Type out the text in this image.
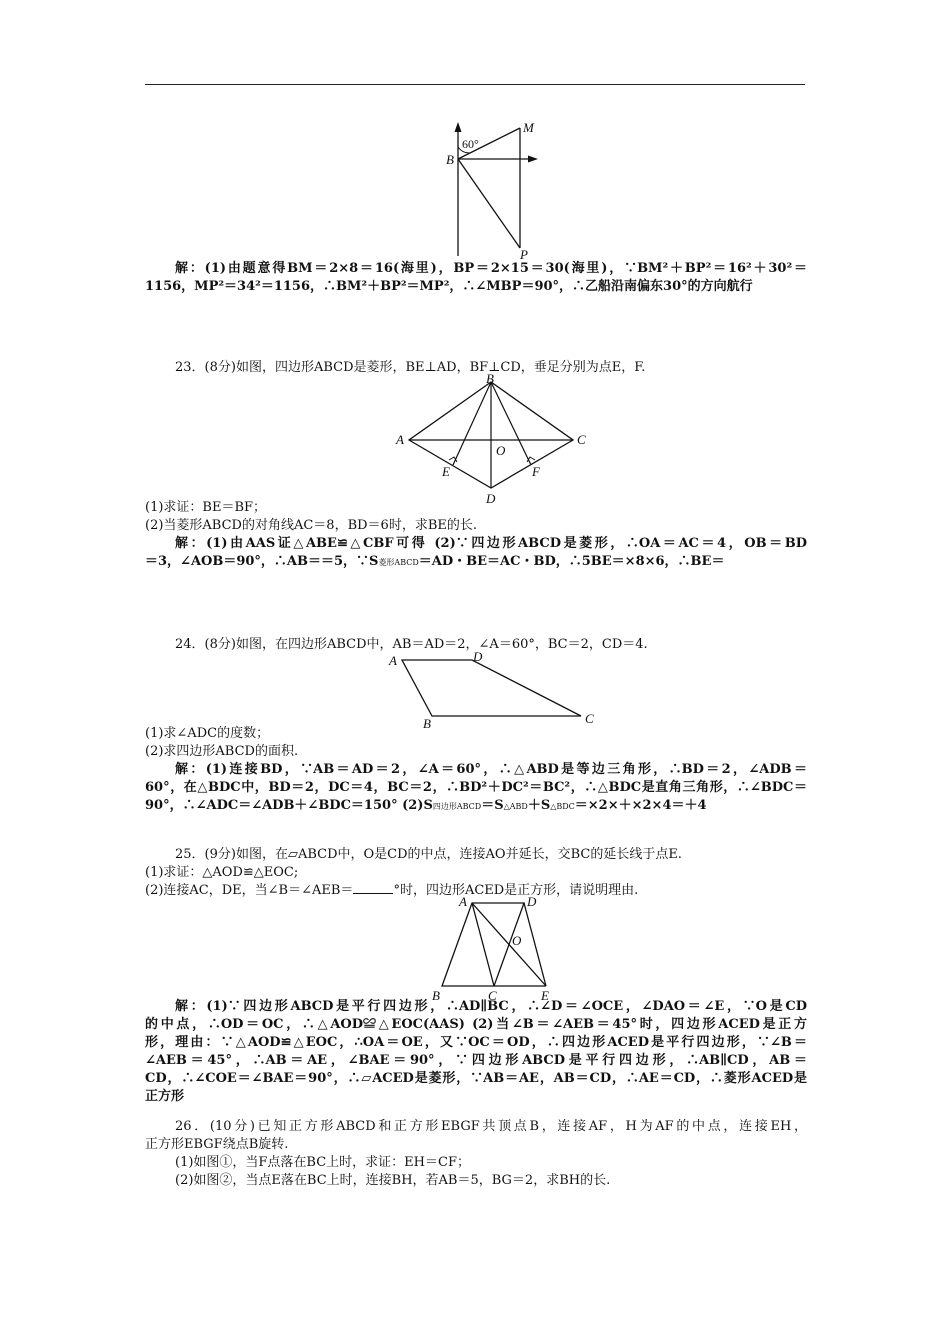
60°
B
M
P
解：(1)由题意得BM＝2×8＝16(海里)，BP＝2×15＝30(海里)，∵BM²＋BP²＝16²＋30²＝
1156，MP²＝34²＝1156，∴BM²＋BP²＝MP²，∴∠MBP＝90°，∴乙船沿南偏东30°的方向航行
23．(8分)如图，四边形ABCD是菱形，BE⊥AD，BF⊥CD，垂足分别为点E，F.
B
A	C
D
E	F
O
(1)求证：BE＝BF；
(2)当菱形ABCD的对角线AC＝8，BD＝6时，求BE的长.
解：(1)由AAS证△ABE≌△CBF可得 (2)∵四边形ABCD是菱形，∴OA＝AC＝4，OB＝BD
＝3，∠AOB＝90°，∴AB＝＝5，∵S菱形ABCD＝AD・BE＝AC・BD，∴5BE＝×8×6，∴BE＝
24．(8分)如图，在四边形ABCD中，AB＝AD＝2，∠A＝60°，BC＝2，CD＝4.
A	D
C
B
(1)求∠ADC的度数；
(2)求四边形ABCD的面积.
解：(1)连接BD，∵AB＝AD＝2，∠A＝60°，∴△ABD是等边三角形，∴BD＝2，∠ADB＝
60°，在△BDC中，BD＝2，DC＝4，BC＝2，∴BD²＋DC²＝BC²，∴△BDC是直角三角形，∴∠BDC＝
90°，∴∠ADC＝∠ADB＋∠BDC＝150° (2)S四边形ABCD＝S△ABD＋S△BDC＝×2×＋×2×4＝＋4
25．(9分)如图，在▱ABCD中，O是CD的中点，连接AO并延长，交BC的延长线于点E.
(1)求证：△AOD≌△EOC;
(2)连接AC，DE，当∠B＝∠AEB＝	°时，四边形ACED是正方形，请说明理由.
A	D
O
B	C	E
解：(1)∵四边形ABCD是平行四边形，∴AD∥BC，∴∠D＝∠OCE，∠DAO＝∠E，∵O是CD
的中点，∴OD＝OC，∴△AOD≌△EOC(AAS) (2)当∠B＝∠AEB＝45°时，四边形ACED是正方
形，理由：∵△AOD≌△EOC，∴OA＝OE，又∵OC＝OD，∴四边形ACED是平行四边形，∵∠B＝
∠AEB＝45°，∴AB＝AE，∠BAE＝90°，∵四边形ABCD是平行四边形，∴AB∥CD，AB＝
CD，∴∠COE＝∠BAE＝90°，∴▱ACED是菱形，∵AB＝AE，AB＝CD，∴AE＝CD，∴菱形ACED是
正方形
26．(10分)已知正方形ABCD和正方形EBGF共顶点B，连接AF，H为AF的中点，连接EH，
正方形EBGF绕点B旋转.
(1)如图①，当F点落在BC上时，求证：EH＝CF；
(2)如图②，当点E落在BC上时，连接BH，若AB＝5，BG＝2，求BH的长.
